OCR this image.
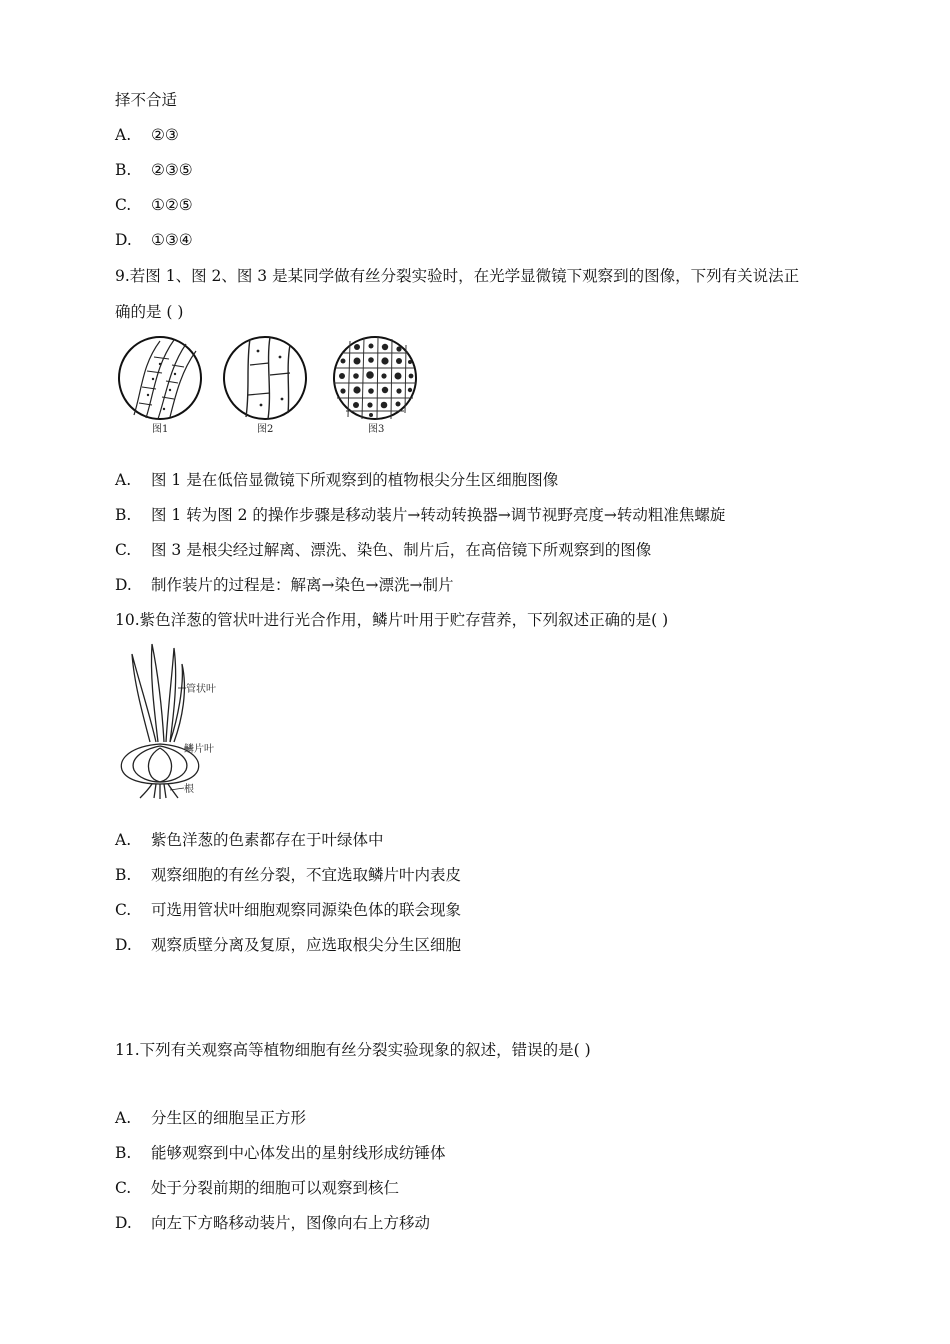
择不合适
A. ②③
B. ②③⑤
C. ①②⑤
D. ①③④
9.若图 1、图 2、图 3 是某同学做有丝分裂实验时，在光学显微镜下观察到的图像，下列有关说法正
确的是 ( )
图1	图2	图3
A. 图 1 是在低倍显微镜下所观察到的植物根尖分生区细胞图像
B. 图 1 转为图 2 的操作步骤是移动装片→转动转换器→调节视野亮度→转动粗准焦螺旋
C. 图 3 是根尖经过解离、漂洗、染色、制片后，在高倍镜下所观察到的图像
D. 制作装片的过程是：解离→染色→漂洗→制片
10.紫色洋葱的管状叶进行光合作用，鳞片叶用于贮存营养，下列叙述正确的是( )
管状叶
鳞片叶
根
A. 紫色洋葱的色素都存在于叶绿体中
B. 观察细胞的有丝分裂，不宜选取鳞片叶内表皮
C. 可选用管状叶细胞观察同源染色体的联会现象
D. 观察质壁分离及复原，应选取根尖分生区细胞
11.下列有关观察高等植物细胞有丝分裂实验现象的叙述，错误的是( )
A. 分生区的细胞呈正方形
B. 能够观察到中心体发出的星射线形成纺锤体
C. 处于分裂前期的细胞可以观察到核仁
D. 向左下方略移动装片，图像向右上方移动
